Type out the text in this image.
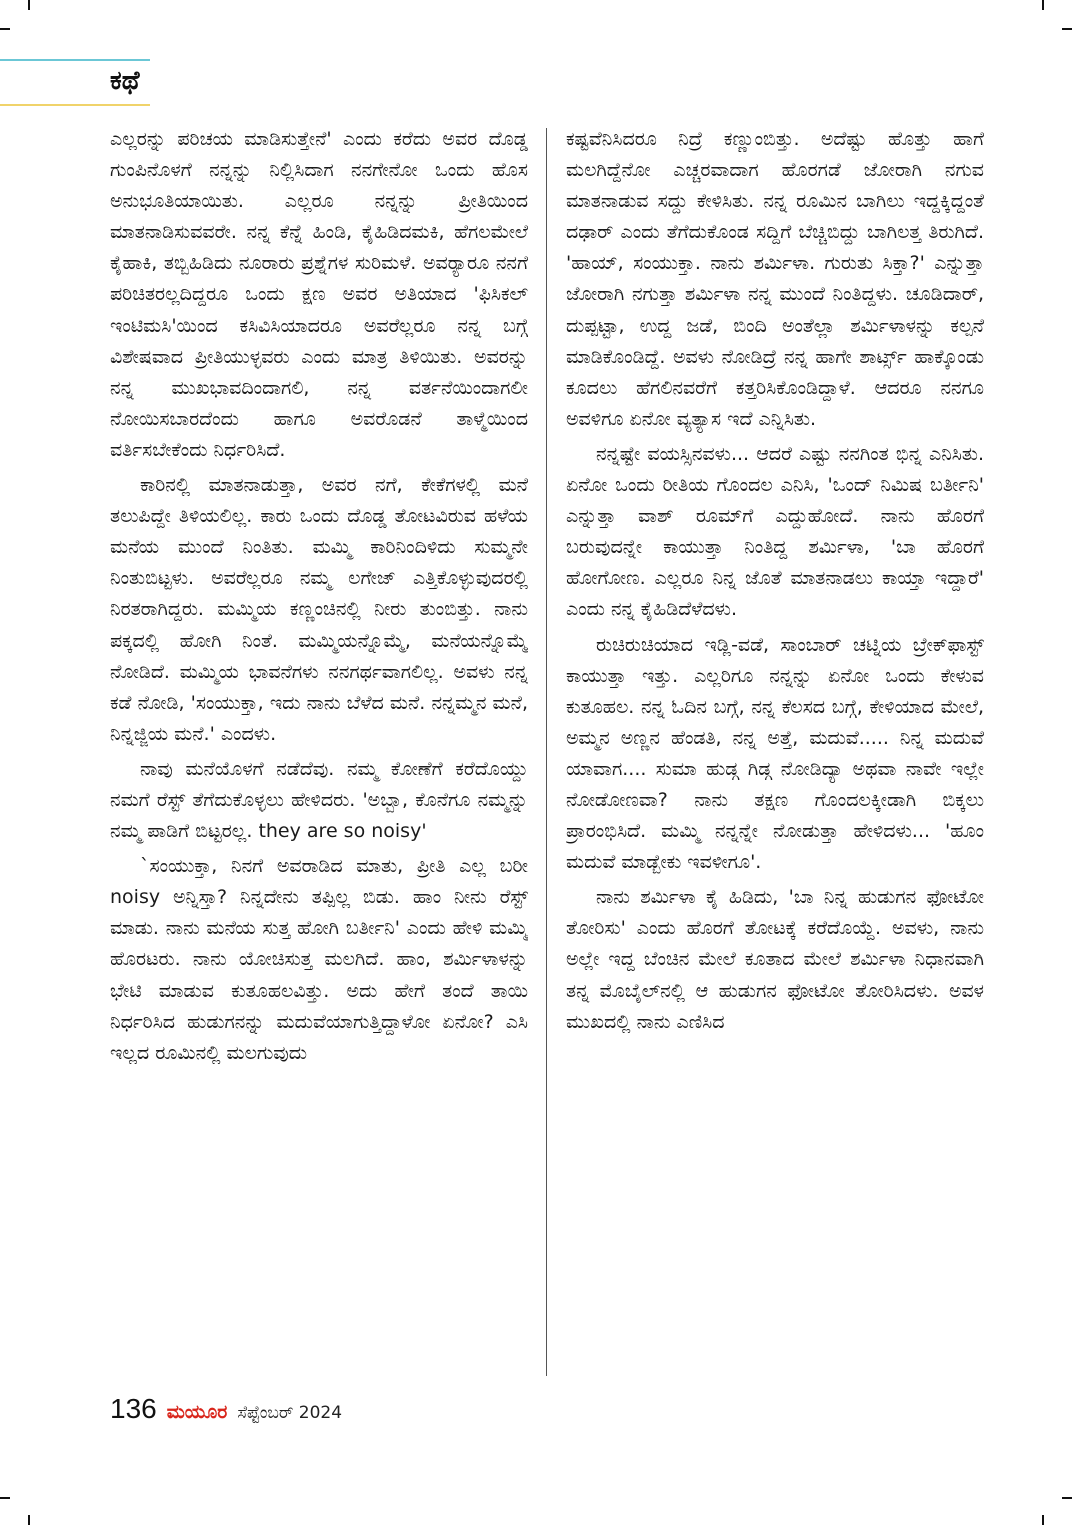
ಕಥೆ

ಎಲ್ಲರನ್ನು ಪರಿಚಯ ಮಾಡಿಸುತ್ತೇನೆ' ಎಂದು ಕರೆದು ಅವರ ದೊಡ್ಡ ಗುಂಪಿನೊಳಗೆ ನನ್ನನ್ನು ನಿಲ್ಲಿಸಿದಾಗ ನನಗೇನೋ ಒಂದು ಹೊಸ ಅನುಭೂತಿಯಾಯಿತು. ಎಲ್ಲರೂ ನನ್ನನ್ನು ಪ್ರೀತಿಯಿಂದ ಮಾತನಾಡಿಸುವವರೇ. ನನ್ನ ಕೆನ್ನೆ ಹಿಂಡಿ, ಕೈಹಿಡಿದಮಕಿ, ಹೆಗಲಮೇಲೆ ಕೈಹಾಕಿ, ತಬ್ಬಿಹಿಡಿದು ನೂರಾರು ಪ್ರಶ್ನೆಗಳ ಸುರಿಮಳೆ. ಅವರ್‍ಯಾರೂ ನನಗೆ ಪರಿಚಿತರಲ್ಲದಿದ್ದರೂ ಒಂದು ಕ್ಷಣ ಅವರ ಅತಿಯಾದ 'ಫಿಸಿಕಲ್ ಇಂಟಿಮಸಿ'ಯಿಂದ ಕಸಿವಿಸಿಯಾದರೂ ಅವರೆಲ್ಲರೂ ನನ್ನ ಬಗ್ಗೆ ವಿಶೇಷವಾದ ಪ್ರೀತಿಯುಳ್ಳವರು ಎಂದು ಮಾತ್ರ ತಿಳಿಯಿತು. ಅವರನ್ನು ನನ್ನ ಮುಖಭಾವದಿಂದಾಗಲಿ, ನನ್ನ ವರ್ತನೆಯಿಂದಾಗಲೀ ನೋಯಿಸಬಾರದೆಂದು ಹಾಗೂ ಅವರೊಡನೆ ತಾಳ್ಮೆಯಿಂದ ವರ್ತಿಸಬೇಕೆಂದು ನಿರ್ಧರಿಸಿದೆ.

ಕಾರಿನಲ್ಲಿ ಮಾತನಾಡುತ್ತಾ, ಅವರ ನಗೆ, ಕೇಕೆಗಳಲ್ಲಿ ಮನೆ ತಲುಪಿದ್ದೇ ತಿಳಿಯಲಿಲ್ಲ. ಕಾರು ಒಂದು ದೊಡ್ಡ ತೋಟವಿರುವ ಹಳೆಯ ಮನೆಯ ಮುಂದೆ ನಿಂತಿತು. ಮಮ್ಮಿ ಕಾರಿನಿಂದಿಳಿದು ಸುಮ್ಮನೇ ನಿಂತುಬಿಟ್ಟಳು. ಅವರೆಲ್ಲರೂ ನಮ್ಮ ಲಗೇಜ್ ಎತ್ತಿಕೊಳ್ಳುವುದರಲ್ಲಿ ನಿರತರಾಗಿದ್ದರು. ಮಮ್ಮಿಯ ಕಣ್ಣಂಚಿನಲ್ಲಿ ನೀರು ತುಂಬಿತ್ತು. ನಾನು ಪಕ್ಕದಲ್ಲಿ ಹೋಗಿ ನಿಂತೆ. ಮಮ್ಮಿಯನ್ನೊಮ್ಮೆ, ಮನೆಯನ್ನೊಮ್ಮೆ ನೋಡಿದೆ. ಮಮ್ಮಿಯ ಭಾವನೆಗಳು ನನಗರ್ಥವಾಗಲಿಲ್ಲ. ಅವಳು ನನ್ನ ಕಡೆ ನೋಡಿ, 'ಸಂಯುಕ್ತಾ, ಇದು ನಾನು ಬೆಳೆದ ಮನೆ. ನನ್ನಮ್ಮನ ಮನೆ, ನಿನ್ನಜ್ಜಿಯ ಮನೆ.' ಎಂದಳು.

ನಾವು ಮನೆಯೊಳಗೆ ನಡೆದೆವು. ನಮ್ಮ ಕೋಣೆಗೆ ಕರೆದೊಯ್ದು ನಮಗೆ ರೆಸ್ಟ್ ತೆಗೆದುಕೊಳ್ಳಲು ಹೇಳಿದರು. 'ಅಬ್ಬಾ, ಕೊನೆಗೂ ನಮ್ಮನ್ನು ನಮ್ಮ ಪಾಡಿಗೆ ಬಿಟ್ಟರಲ್ಲ. they are so noisy'

`ಸಂಯುಕ್ತಾ, ನಿನಗೆ ಅವರಾಡಿದ ಮಾತು, ಪ್ರೀತಿ ಎಲ್ಲ ಬರೀ noisy ಅನ್ನಿಸ್ತಾ? ನಿನ್ನದೇನು ತಪ್ಪಿಲ್ಲ ಬಿಡು. ಹಾಂ ನೀನು ರೆಸ್ಟ್ ಮಾಡು. ನಾನು ಮನೆಯ ಸುತ್ತ ಹೋಗಿ ಬರ್ತೀನಿ' ಎಂದು ಹೇಳಿ ಮಮ್ಮಿ ಹೊರಟರು. ನಾನು ಯೋಚಿಸುತ್ತ ಮಲಗಿದೆ. ಹಾಂ, ಶರ್ಮಿಳಾಳನ್ನು ಭೇಟಿ ಮಾಡುವ ಕುತೂಹಲವಿತ್ತು. ಅದು ಹೇಗೆ ತಂದೆ ತಾಯಿ ನಿರ್ಧರಿಸಿದ ಹುಡುಗನನ್ನು ಮದುವೆಯಾಗುತ್ತಿದ್ದಾಳೋ ಏನೋ? ಎಸಿ ಇಲ್ಲದ ರೂಮಿನಲ್ಲಿ ಮಲಗುವುದು

ಕಷ್ಟವೆನಿಸಿದರೂ ನಿದ್ರೆ ಕಣ್ಣುಂಬಿತ್ತು. ಅದೆಷ್ಟು ಹೊತ್ತು ಹಾಗೆ ಮಲಗಿದ್ದೆನೋ ಎಚ್ಚರವಾದಾಗ ಹೊರಗಡೆ ಜೋರಾಗಿ ನಗುವ ಮಾತನಾಡುವ ಸದ್ದು ಕೇಳಿಸಿತು. ನನ್ನ ರೂಮಿನ ಬಾಗಿಲು ಇದ್ದಕ್ಕಿದ್ದಂತೆ ದಢಾರ್ ಎಂದು ತೆಗೆದುಕೊಂಡ ಸದ್ದಿಗೆ ಬೆಚ್ಚಿಬಿದ್ದು ಬಾಗಿಲತ್ತ ತಿರುಗಿದೆ. 'ಹಾಯ್, ಸಂಯುಕ್ತಾ. ನಾನು ಶರ್ಮಿಳಾ. ಗುರುತು ಸಿಕ್ತಾ?' ಎನ್ನುತ್ತಾ ಜೋರಾಗಿ ನಗುತ್ತಾ ಶರ್ಮಿಳಾ ನನ್ನ ಮುಂದೆ ನಿಂತಿದ್ದಳು. ಚೂಡಿದಾರ್, ದುಪ್ಪಟ್ಟಾ, ಉದ್ದ ಜಡೆ, ಬಿಂದಿ ಅಂತೆಲ್ಲಾ ಶರ್ಮಿಳಾಳನ್ನು ಕಲ್ಪನೆ ಮಾಡಿಕೊಂಡಿದ್ದೆ. ಅವಳು ನೋಡಿದ್ರೆ ನನ್ನ ಹಾಗೇ ಶಾರ್ಟ್ಸ್ ಹಾಕ್ಕೊಂಡು ಕೂದಲು ಹೆಗಲಿನವರೆಗೆ ಕತ್ತರಿಸಿಕೊಂಡಿದ್ದಾಳೆ. ಆದರೂ ನನಗೂ ಅವಳಿಗೂ ಏನೋ ವ್ಯತ್ಯಾಸ ಇದೆ ಎನ್ನಿಸಿತು.

ನನ್ನಷ್ಟೇ ವಯಸ್ಸಿನವಳು... ಆದರೆ ಎಷ್ಟು ನನಗಿಂತ ಭಿನ್ನ ಎನಿಸಿತು. ಏನೋ ಒಂದು ರೀತಿಯ ಗೊಂದಲ ಎನಿಸಿ, 'ಒಂದ್ ನಿಮಿಷ ಬರ್ತೀನಿ' ಎನ್ನುತ್ತಾ ವಾಶ್ ರೂಮ್‌ಗೆ ಎದ್ದುಹೋದೆ. ನಾನು ಹೊರಗೆ ಬರುವುದನ್ನೇ ಕಾಯುತ್ತಾ ನಿಂತಿದ್ದ ಶರ್ಮಿಳಾ, 'ಬಾ ಹೊರಗೆ ಹೋಗೋಣ. ಎಲ್ಲರೂ ನಿನ್ನ ಜೊತೆ ಮಾತನಾಡಲು ಕಾಯ್ತಾ ಇದ್ದಾರೆ' ಎಂದು ನನ್ನ ಕೈಹಿಡಿದೆಳೆದಳು.

ರುಚಿರುಚಿಯಾದ ಇಡ್ಲಿ-ವಡೆ, ಸಾಂಬಾರ್ ಚಟ್ನಿಯ ಬ್ರೇಕ್‌ಫಾಸ್ಟ್ ಕಾಯುತ್ತಾ ಇತ್ತು. ಎಲ್ಲರಿಗೂ ನನ್ನನ್ನು ಏನೋ ಒಂದು ಕೇಳುವ ಕುತೂಹಲ. ನನ್ನ ಓದಿನ ಬಗ್ಗೆ, ನನ್ನ ಕೆಲಸದ ಬಗ್ಗೆ, ಕೇಳಿಯಾದ ಮೇಲೆ, ಅಮ್ಮನ ಅಣ್ಣನ ಹೆಂಡತಿ, ನನ್ನ ಅತ್ತೆ, ಮದುವೆ..... ನಿನ್ನ ಮದುವೆ ಯಾವಾಗ.... ಸುಮಾ ಹುಡ್ಗ ಗಿಡ್ಗ ನೋಡಿದ್ಯಾ ಅಥವಾ ನಾವೇ ಇಲ್ಲೇ ನೋಡೋಣವಾ? ನಾನು ತಕ್ಷಣ ಗೊಂದಲಕ್ಕೀಡಾಗಿ ಬಿಕ್ಕಲು ಪ್ರಾರಂಭಿಸಿದೆ. ಮಮ್ಮಿ ನನ್ನನ್ನೇ ನೋಡುತ್ತಾ ಹೇಳಿದಳು... 'ಹೂಂ ಮದುವೆ ಮಾಡ್ಬೇಕು ಇವಳೀಗೂ'.

ನಾನು ಶರ್ಮಿಳಾ ಕೈ ಹಿಡಿದು, 'ಬಾ ನಿನ್ನ ಹುಡುಗನ ಫೋಟೋ ತೋರಿಸು' ಎಂದು ಹೊರಗೆ ತೋಟಕ್ಕೆ ಕರೆದೊಯ್ದೆ. ಅವಳು, ನಾನು ಅಲ್ಲೇ ಇದ್ದ ಬೆಂಚಿನ ಮೇಲೆ ಕೂತಾದ ಮೇಲೆ ಶರ್ಮಿಳಾ ನಿಧಾನವಾಗಿ ತನ್ನ ಮೊಬೈಲ್‌ನಲ್ಲಿ ಆ ಹುಡುಗನ ಫೋಟೋ ತೋರಿಸಿದಳು. ಅವಳ ಮುಖದಲ್ಲಿ ನಾನು ಎಣಿಸಿದ

136 ಮಯೂರ ಸೆಪ್ಟೆಂಬರ್ 2024
